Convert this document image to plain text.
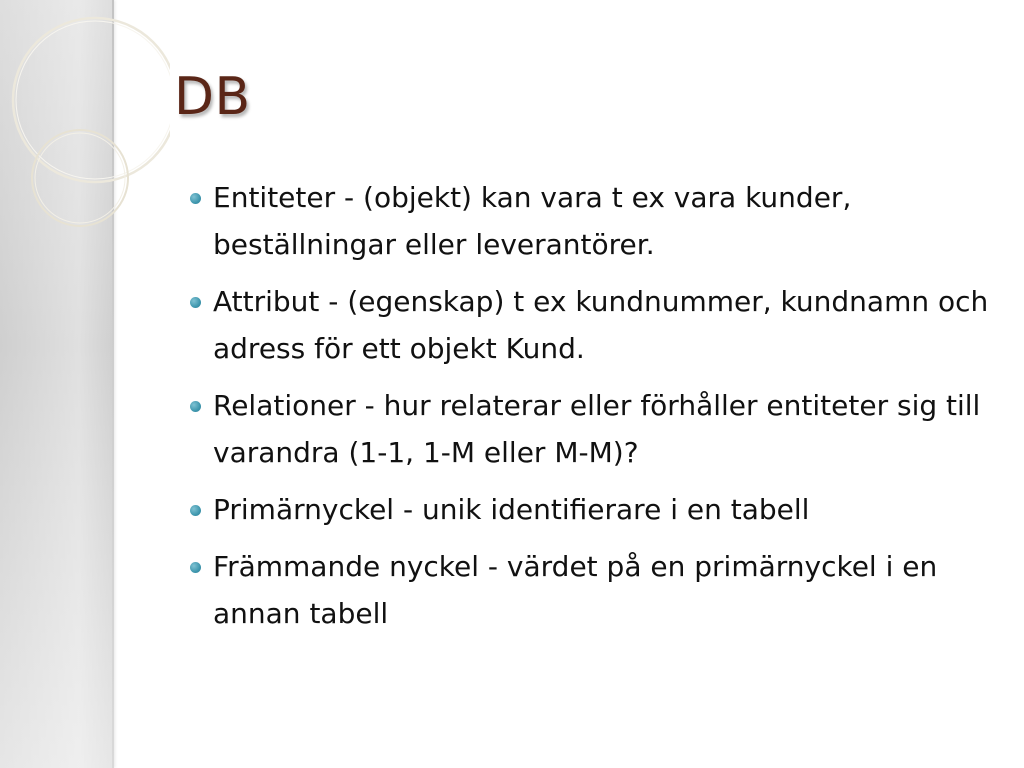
DB
Entiteter - (objekt) kan vara t ex vara kunder, beställningar eller leverantörer.
Attribut - (egenskap) t ex kundnummer, kundnamn och adress för ett objekt Kund.
Relationer - hur relaterar eller förhåller entiteter sig till varandra (1-1, 1-M eller M-M)?
Primärnyckel - unik identifierare i en tabell
Främmande nyckel - värdet på en primärnyckel i en annan tabell
